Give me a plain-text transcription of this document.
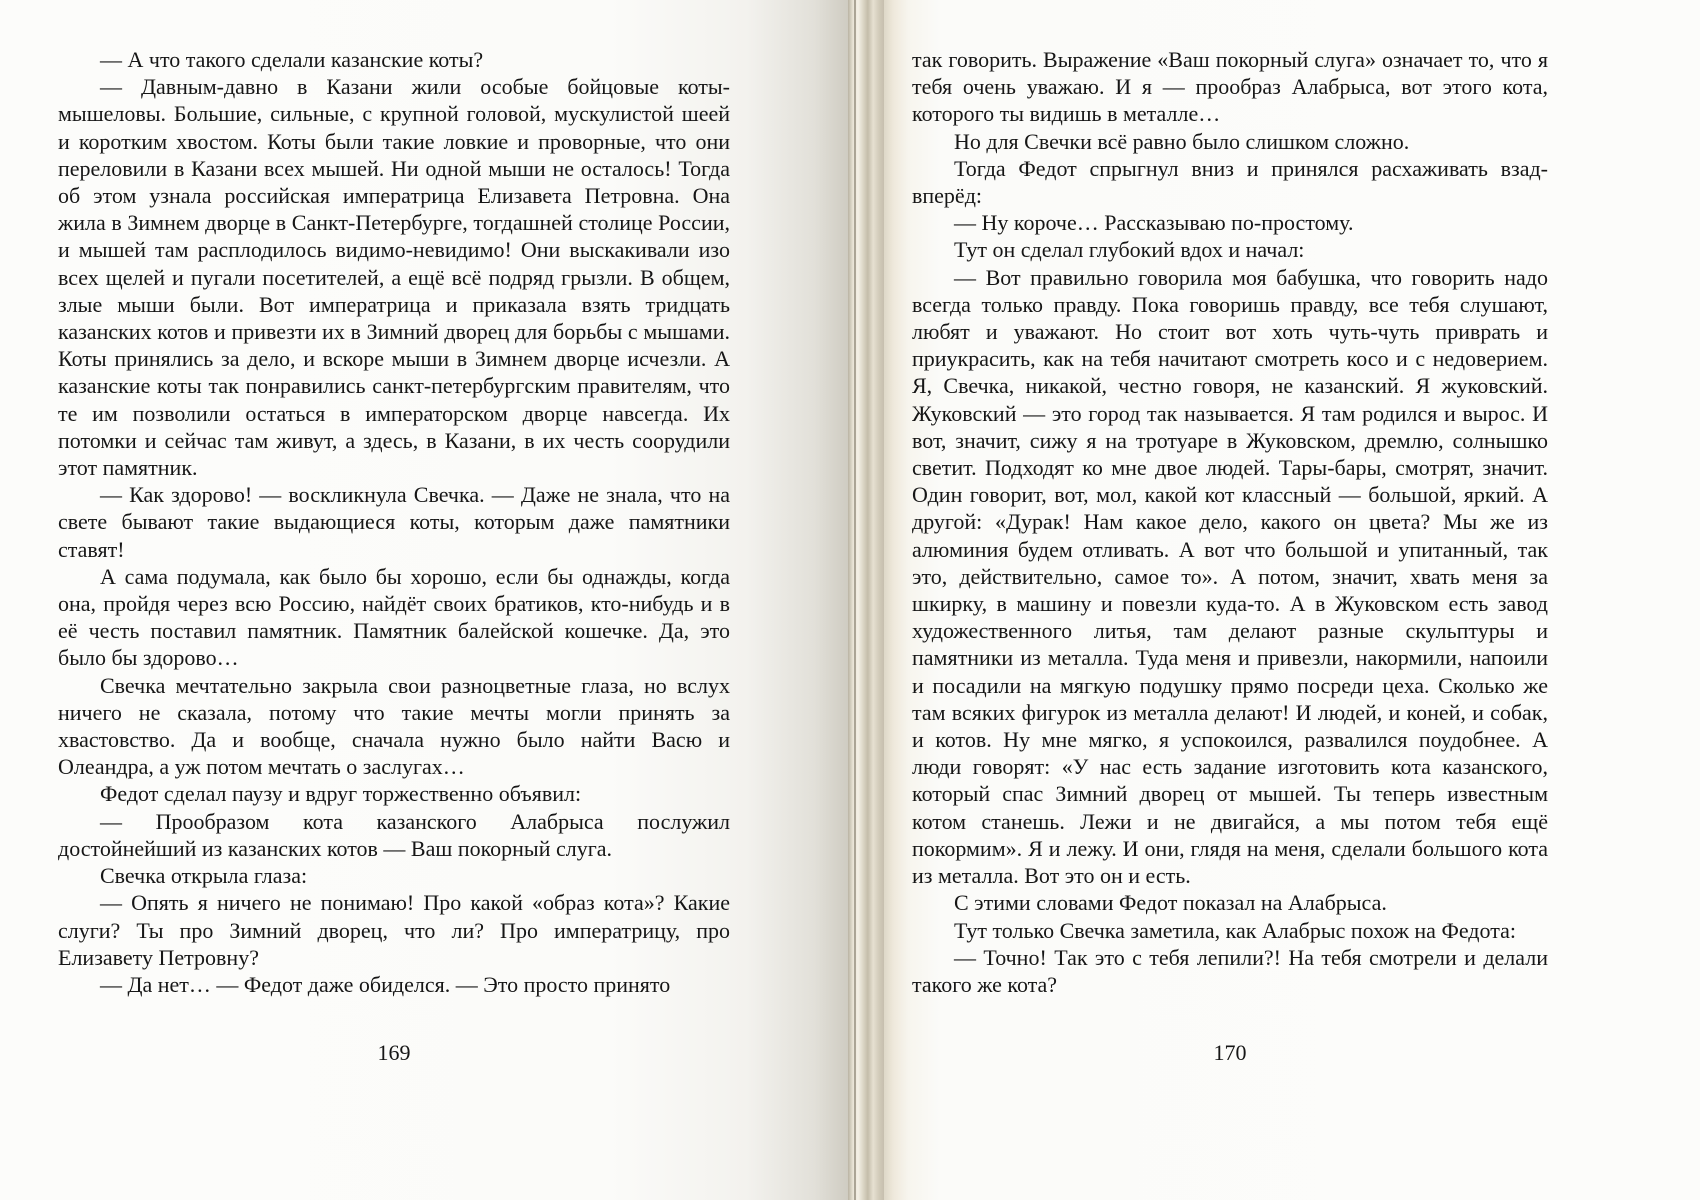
— А что такого сделали казанские коты?

— Давным-давно в Казани жили особые бойцовые коты-мышеловы. Большие, сильные, с крупной головой, мускулистой шеей и коротким хвостом. Коты были такие ловкие и проворные, что они переловили в Казани всех мышей. Ни одной мыши не осталось! Тогда об этом узнала российская императрица Елизавета Петровна. Она жила в Зимнем дворце в Санкт-Петербурге, тогдашней столице России, и мышей там расплодилось видимо-невидимо! Они выскакивали изо всех щелей и пугали посетителей, а ещё всё подряд грызли. В общем, злые мыши были. Вот императрица и приказала взять тридцать казанских котов и привезти их в Зимний дворец для борьбы с мышами. Коты принялись за дело, и вскоре мыши в Зимнем дворце исчезли. А казанские коты так понравились санкт-петербургским правителям, что те им позволили остаться в императорском дворце навсегда. Их потомки и сейчас там живут, а здесь, в Казани, в их честь соорудили этот памятник.

— Как здорово! — воскликнула Свечка. — Даже не знала, что на свете бывают такие выдающиеся коты, которым даже памятники ставят!

А сама подумала, как было бы хорошо, если бы однажды, когда она, пройдя через всю Россию, найдёт своих братиков, кто-нибудь и в её честь поставил памятник. Памятник балейской кошечке. Да, это было бы здорово…

Свечка мечтательно закрыла свои разноцветные глаза, но вслух ничего не сказала, потому что такие мечты могли принять за хвастовство. Да и вообще, сначала нужно было найти Васю и Олеандра, а уж потом мечтать о заслугах…

Федот сделал паузу и вдруг торжественно объявил:

— Прообразом кота казанского Алабрыса послужил достойнейший из казанских котов — Ваш покорный слуга.

Свечка открыла глаза:

— Опять я ничего не понимаю! Про какой «образ кота»? Какие слуги? Ты про Зимний дворец, что ли? Про императрицу, про Елизавету Петровну?

— Да нет… — Федот даже обиделся. — Это просто принято

169

так говорить. Выражение «Ваш покорный слуга» означает то, что я тебя очень уважаю. И я — прообраз Алабрыса, вот этого кота, которого ты видишь в металле…

Но для Свечки всё равно было слишком сложно.

Тогда Федот спрыгнул вниз и принялся расхаживать взад-вперёд:

— Ну короче… Рассказываю по-простому.

Тут он сделал глубокий вдох и начал:

— Вот правильно говорила моя бабушка, что говорить надо всегда только правду. Пока говоришь правду, все тебя слушают, любят и уважают. Но стоит вот хоть чуть-чуть приврать и приукрасить, как на тебя начитают смотреть косо и с недоверием. Я, Свечка, никакой, честно говоря, не казанский. Я жуковский. Жуковский — это город так называется. Я там родился и вырос. И вот, значит, сижу я на тротуаре в Жуковском, дремлю, солнышко светит. Подходят ко мне двое людей. Тары-бары, смотрят, значит. Один говорит, вот, мол, какой кот классный — большой, яркий. А другой: «Дурак! Нам какое дело, какого он цвета? Мы же из алюминия будем отливать. А вот что большой и упитанный, так это, действительно, самое то». А потом, значит, хвать меня за шкирку, в машину и повезли куда-то. А в Жуковском есть завод художественного литья, там делают разные скульптуры и памятники из металла. Туда меня и привезли, накормили, напоили и посадили на мягкую подушку прямо посреди цеха. Сколько же там всяких фигурок из металла делают! И людей, и коней, и собак, и котов. Ну мне мягко, я успокоился, развалился поудобнее. А люди говорят: «У нас есть задание изготовить кота казанского, который спас Зимний дворец от мышей. Ты теперь известным котом станешь. Лежи и не двигайся, а мы потом тебя ещё покормим». Я и лежу. И они, глядя на меня, сделали большого кота из металла. Вот это он и есть.

С этими словами Федот показал на Алабрыса.

Тут только Свечка заметила, как Алабрыс похож на Федота:

— Точно! Так это с тебя лепили?! На тебя смотрели и делали такого же кота?

170
